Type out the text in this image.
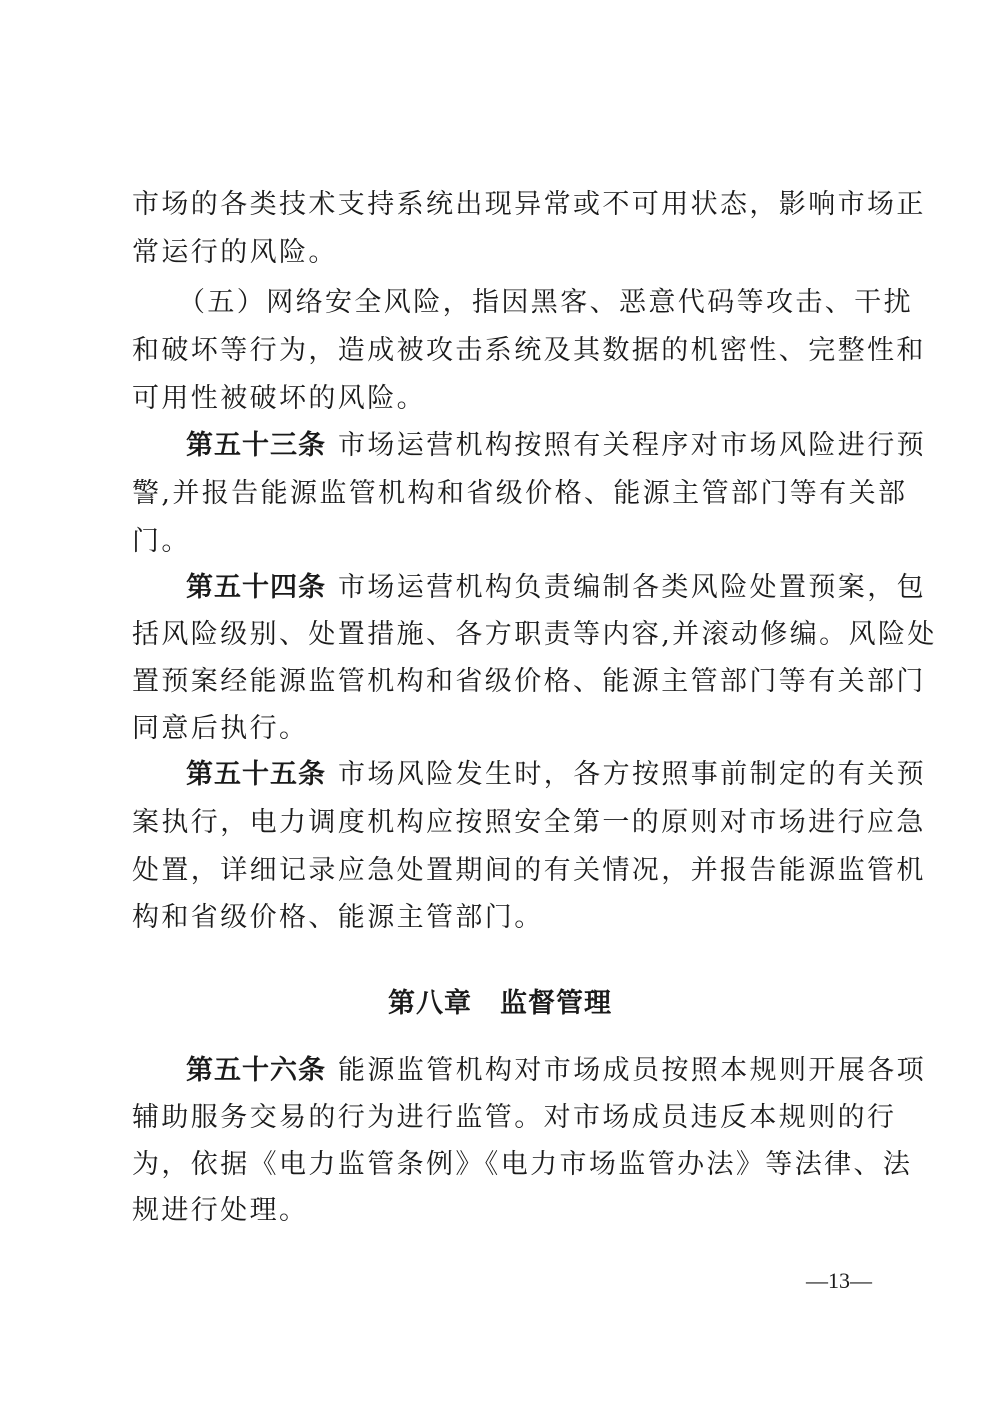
市场的各类技术支持系统出现异常或不可用状态，影响市场正
常运行的风险。
（五）网络安全风险，指因黑客、恶意代码等攻击、干扰
和破坏等行为，造成被攻击系统及其数据的机密性、完整性和
可用性被破坏的风险。
第五十三条 市场运营机构按照有关程序对市场风险进行预
警,并报告能源监管机构和省级价格、能源主管部门等有关部
门。
第五十四条 市场运营机构负责编制各类风险处置预案，包
括风险级别、处置措施、各方职责等内容,并滚动修编。风险处
置预案经能源监管机构和省级价格、能源主管部门等有关部门
同意后执行。
第五十五条 市场风险发生时，各方按照事前制定的有关预
案执行，电力调度机构应按照安全第一的原则对市场进行应急
处置，详细记录应急处置期间的有关情况，并报告能源监管机
构和省级价格、能源主管部门。
第八章　监督管理
第五十六条 能源监管机构对市场成员按照本规则开展各项
辅助服务交易的行为进行监管。对市场成员违反本规则的行
为，依据《电力监管条例》《电力市场监管办法》等法律、法
规进行处理。
—13—
